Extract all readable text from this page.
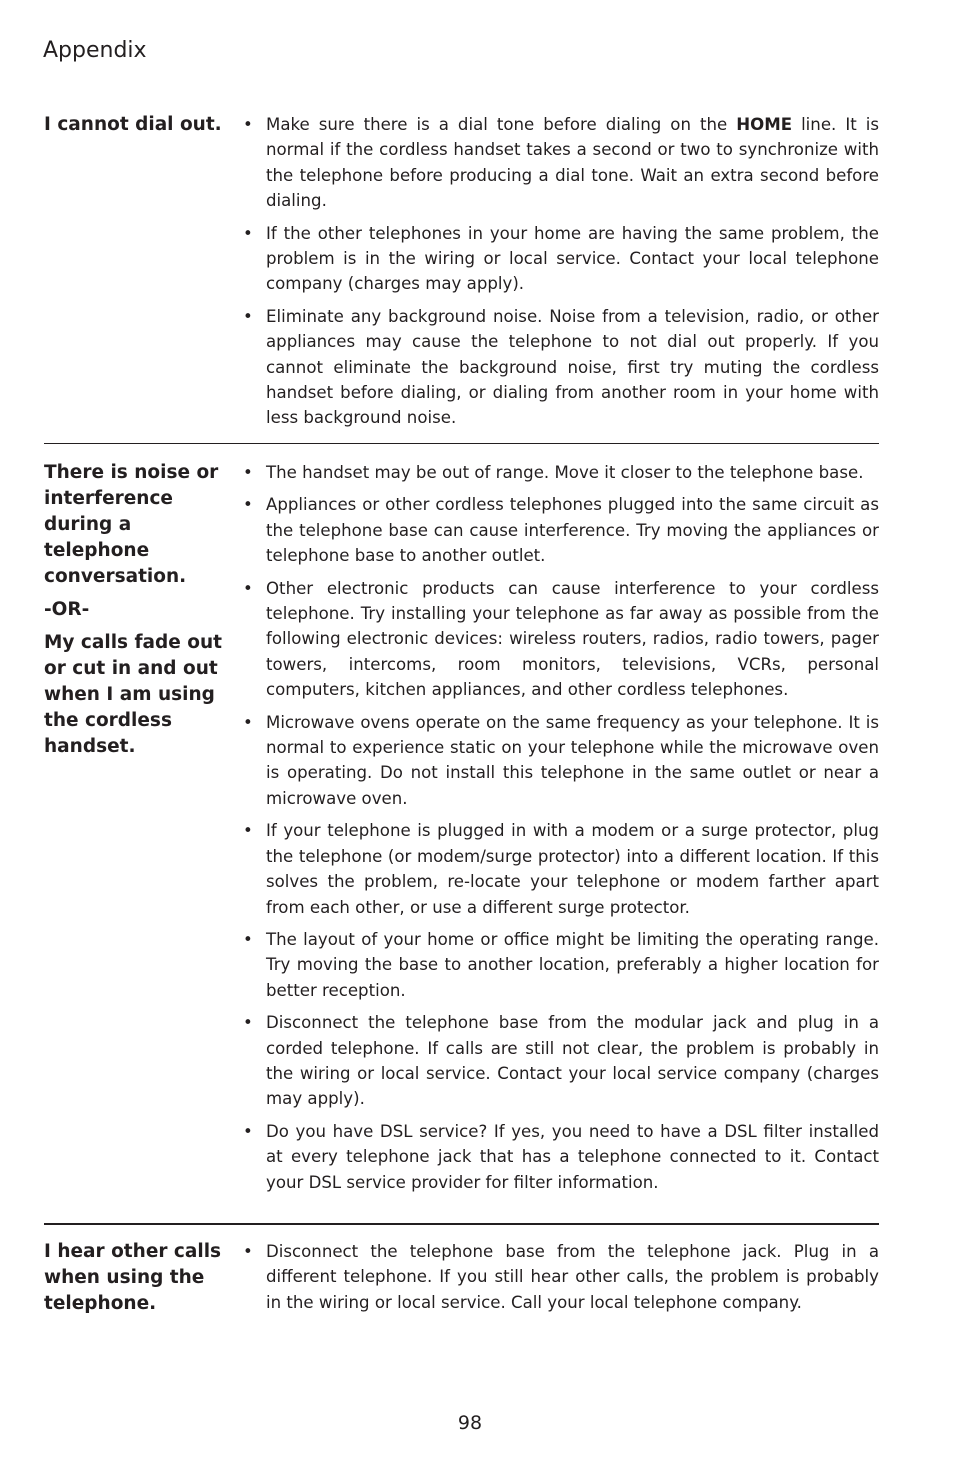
Appendix

I cannot dial out. • Make sure there is a dial tone before dialing on the HOME line. It is normal if the cordless handset takes a second or two to synchronize with the telephone before producing a dial tone. Wait an extra second before dialing.
• If the other telephones in your home are having the same problem, the problem is in the wiring or local service. Contact your local telephone company (charges may apply).
• Eliminate any background noise. Noise from a television, radio, or other appliances may cause the telephone to not dial out properly. If you cannot eliminate the background noise, first try muting the cordless handset before dialing, or dialing from another room in your home with less background noise.

There is noise or interference during a telephone conversation.

-OR-

My calls fade out or cut in and out when I am using the cordless handset.

• The handset may be out of range. Move it closer to the telephone base.
• Appliances or other cordless telephones plugged into the same circuit as the telephone base can cause interference. Try moving the appliances or telephone base to another outlet.
• Other electronic products can cause interference to your cordless telephone. Try installing your telephone as far away as possible from the following electronic devices: wireless routers, radios, radio towers, pager towers, intercoms, room monitors, televisions, VCRs, personal computers, kitchen appliances, and other cordless telephones.
• Microwave ovens operate on the same frequency as your telephone. It is normal to experience static on your telephone while the microwave oven is operating. Do not install this telephone in the same outlet or near a microwave oven.
• If your telephone is plugged in with a modem or a surge protector, plug the telephone (or modem/surge protector) into a different location. If this solves the problem, re-locate your telephone or modem farther apart from each other, or use a different surge protector.
• The layout of your home or office might be limiting the operating range. Try moving the base to another location, preferably a higher location for better reception.
• Disconnect the telephone base from the modular jack and plug in a corded telephone. If calls are still not clear, the problem is probably in the wiring or local service. Contact your local service company (charges may apply).
• Do you have DSL service? If yes, you need to have a DSL filter installed at every telephone jack that has a telephone connected to it. Contact your DSL service provider for filter information.

I hear other calls when using the telephone.

• Disconnect the telephone base from the telephone jack. Plug in a different telephone. If you still hear other calls, the problem is probably in the wiring or local service. Call your local telephone company.
98
